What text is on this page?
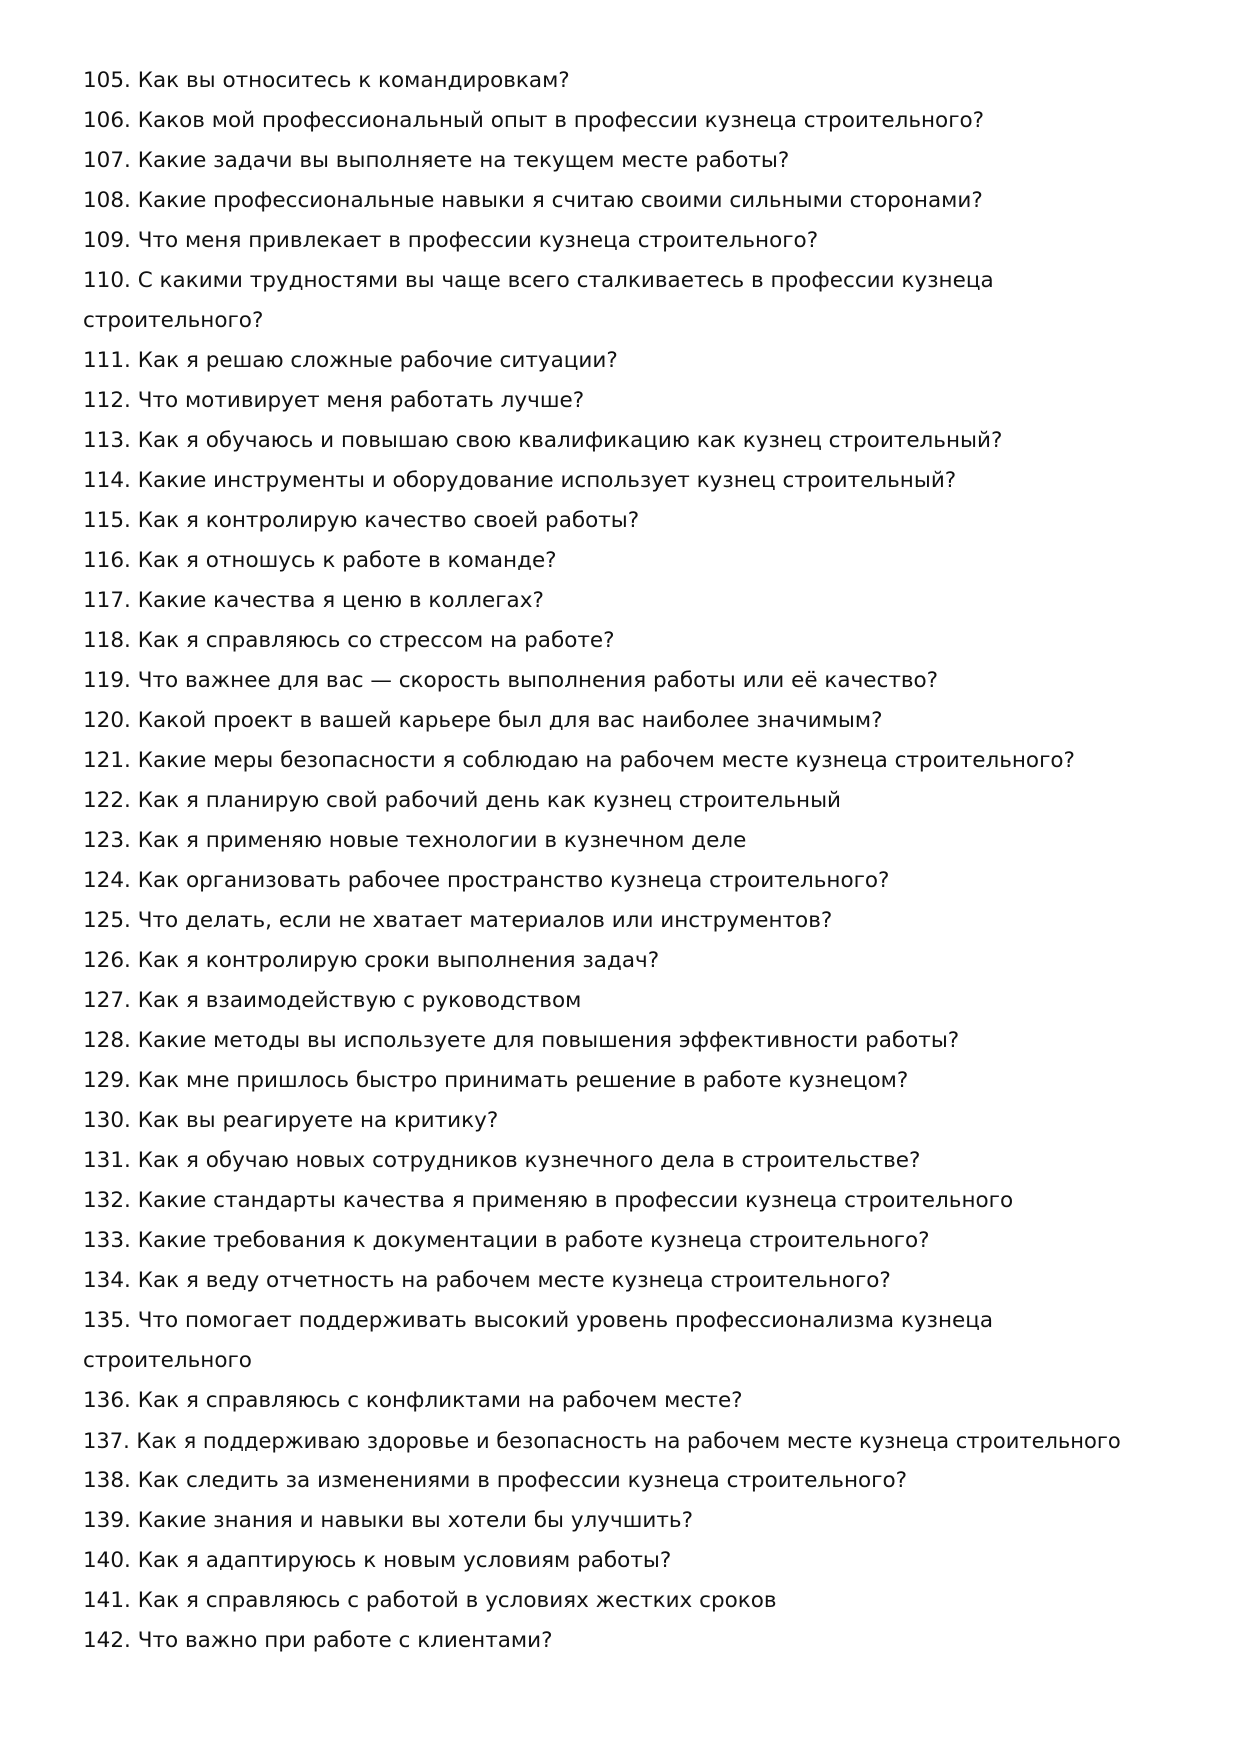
105. Как вы относитесь к командировкам?

106. Каков мой профессиональный опыт в профессии кузнеца строительного?

107. Какие задачи вы выполняете на текущем месте работы?

108. Какие профессиональные навыки я считаю своими сильными сторонами?

109. Что меня привлекает в профессии кузнеца строительного?

110. С какими трудностями вы чаще всего сталкиваетесь в профессии кузнеца строительного?

111. Как я решаю сложные рабочие ситуации?

112. Что мотивирует меня работать лучше?

113. Как я обучаюсь и повышаю свою квалификацию как кузнец строительный?

114. Какие инструменты и оборудование использует кузнец строительный?

115. Как я контролирую качество своей работы?

116. Как я отношусь к работе в команде?

117. Какие качества я ценю в коллегах?

118. Как я справляюсь со стрессом на работе?

119. Что важнее для вас — скорость выполнения работы или её качество?

120. Какой проект в вашей карьере был для вас наиболее значимым?

121. Какие меры безопасности я соблюдаю на рабочем месте кузнеца строительного?

122. Как я планирую свой рабочий день как кузнец строительный

123. Как я применяю новые технологии в кузнечном деле

124. Как организовать рабочее пространство кузнеца строительного?

125. Что делать, если не хватает материалов или инструментов?

126. Как я контролирую сроки выполнения задач?

127. Как я взаимодействую с руководством

128. Какие методы вы используете для повышения эффективности работы?

129. Как мне пришлось быстро принимать решение в работе кузнецом?

130. Как вы реагируете на критику?

131. Как я обучаю новых сотрудников кузнечного дела в строительстве?

132. Какие стандарты качества я применяю в профессии кузнеца строительного

133. Какие требования к документации в работе кузнеца строительного?

134. Как я веду отчетность на рабочем месте кузнеца строительного?

135. Что помогает поддерживать высокий уровень профессионализма кузнеца строительного

136. Как я справляюсь с конфликтами на рабочем месте?

137. Как я поддерживаю здоровье и безопасность на рабочем месте кузнеца строительного

138. Как следить за изменениями в профессии кузнеца строительного?

139. Какие знания и навыки вы хотели бы улучшить?

140. Как я адаптируюсь к новым условиям работы?

141. Как я справляюсь с работой в условиях жестких сроков

142. Что важно при работе с клиентами?
